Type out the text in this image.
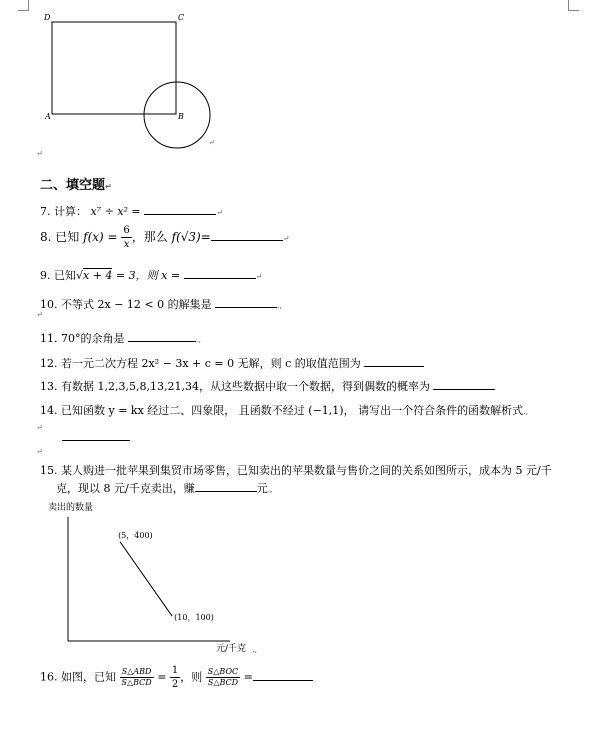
D	C
A	B
↵
↵
二、填空题↵
7. 计算： x⁷ ÷ x² =	↵
8. 已知 $f(x) = \frac{6}{x}$ ，那么 f(√3)=	↵
9. 已知√x + 4 = 3，则 x =	↵
10. 不等式 2x − 12 < 0 的解集是	.,
↵
11. 70°的余角是	.,
12. 若一元二次方程 2x² − 3x + c = 0 无解，则 c 的取值范围为
13. 有数据 1,2,3,5,8,13,21,34，从这些数据中取一个数据，得到偶数的概率为
14. 已知函数 y = kx 经过二、四象限， 且函数不经过 (−1,1)， 请写出一个符合条件的函数解析式.,
↵
↵
15. 某人购进一批苹果到集贸市场零售，已知卖出的苹果数量与售价之间的关系如图所示，成本为 5 元/千
克，现以 8 元/千克卖出，赚	元.,
卖出的数量
元/千克 .,
(5，400)
(10，100)
16. 如图，已知 $\frac{\text{S△ABD}}{\text{S△BCD}} = \frac{1}{2}$ ，则 $\frac{\text{S△BOC}}{\text{S△BCD}}$ =
